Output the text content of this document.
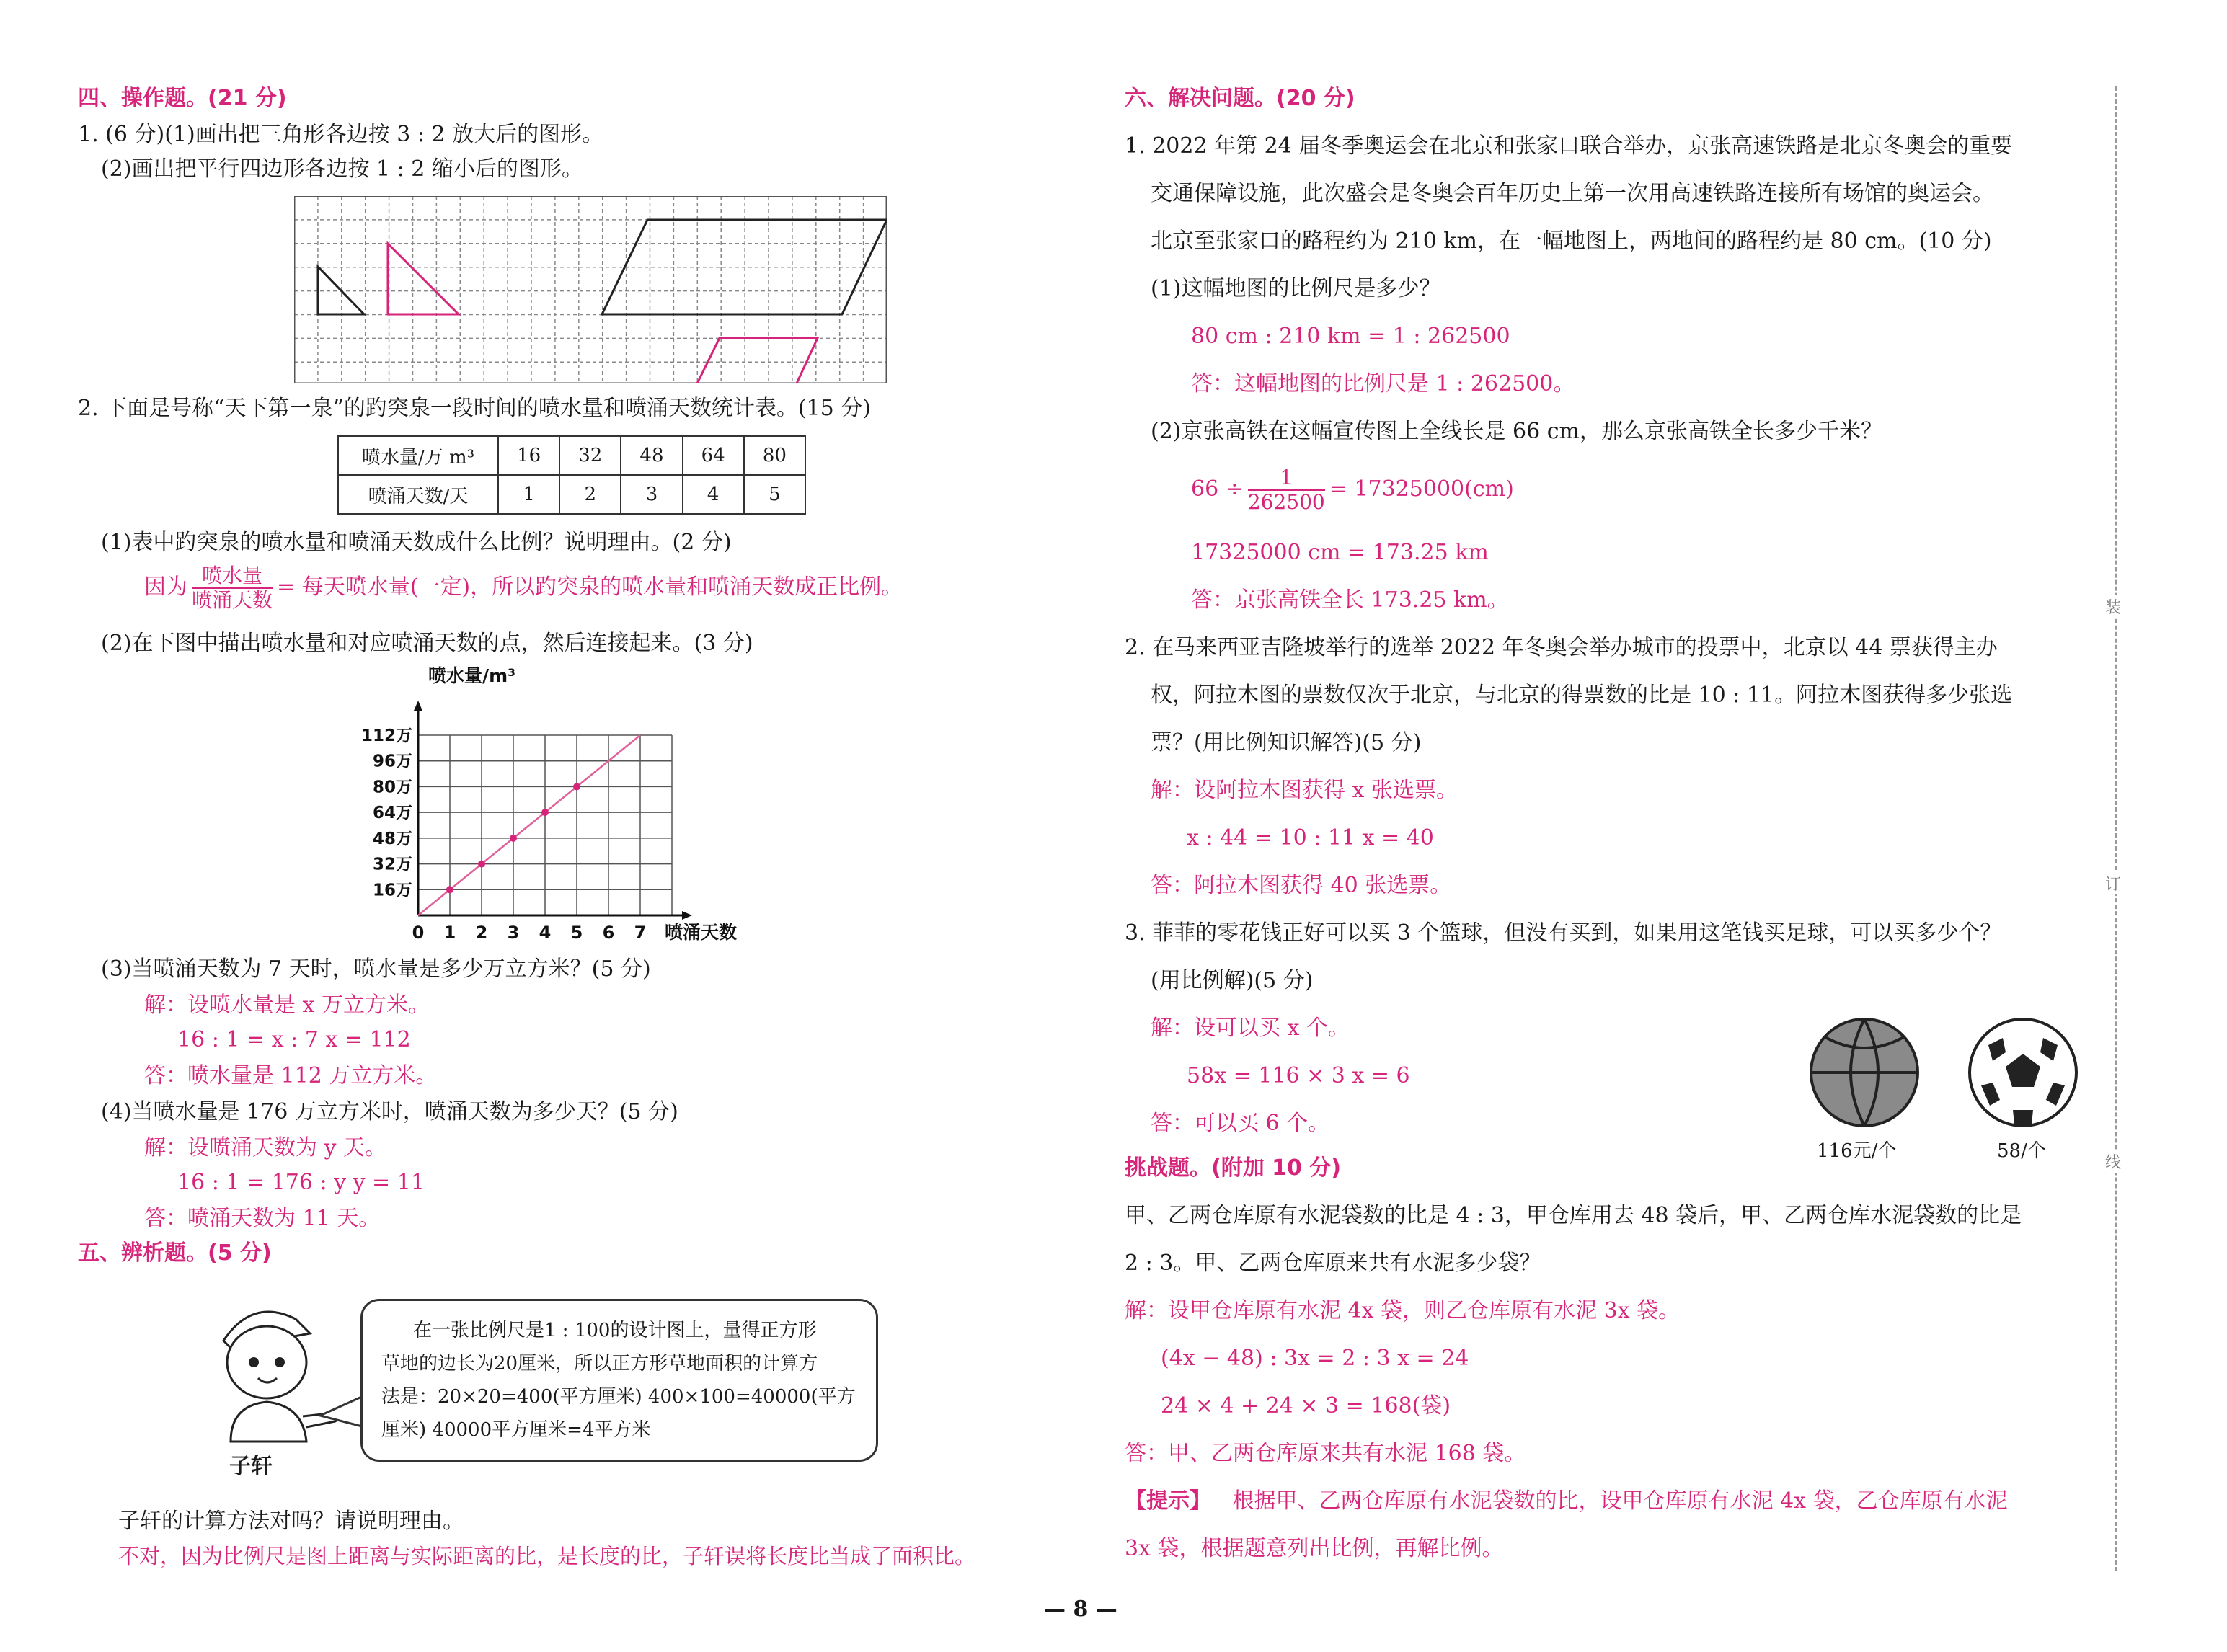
四、操作题。(21 分)
1. (6 分)(1)画出把三角形各边按 3 : 2 放大后的图形。
(2)画出把平行四边形各边按 1 : 2 缩小后的图形。
2. 下面是号称“天下第一泉”的趵突泉一段时间的喷水量和喷涌天数统计表。(15 分)
喷水量/万 m³	16	32	48	64	80
喷涌天数/天	1	2	3	4	5
(1)表中趵突泉的喷水量和喷涌天数成什么比例？说明理由。(2 分)
因为 $\frac{\text{喷水量}}{\text{喷涌天数}}$ = 每天喷水量(一定)，所以趵突泉的喷水量和喷涌天数成正比例。
(2)在下图中描出喷水量和对应喷涌天数的点，然后连接起来。(3 分)
0 1 2 3 4 5 6 7
16万
32万
48万
64万
80万
96万
112万
喷水量/m³
喷涌天数
(3)当喷涌天数为 7 天时，喷水量是多少万立方米？(5 分)
解：设喷水量是 x 万立方米。
16 : 1 = x : 7 x = 112
答：喷水量是 112 万立方米。
(4)当喷水量是 176 万立方米时，喷涌天数为多少天？(5 分)
解：设喷涌天数为 y 天。
16 : 1 = 176 : y y = 11
答：喷涌天数为 11 天。
五、辨析题。(5 分)
子轩
在一张比例尺是1 : 100的设计图上，量得正方形
草地的边长为20厘米，所以正方形草地面积的计算方
法是：20×20=400(平方厘米) 400×100=40000(平方
厘米) 40000平方厘米=4平方米
子轩的计算方法对吗？请说明理由。
不对，因为比例尺是图上距离与实际距离的比，是长度的比，子轩误将长度比当成了面积比。
六、解决问题。(20 分)
1. 2022 年第 24 届冬季奥运会在北京和张家口联合举办，京张高速铁路是北京冬奥会的重要
交通保障设施，此次盛会是冬奥会百年历史上第一次用高速铁路连接所有场馆的奥运会。
北京至张家口的路程约为 210 km，在一幅地图上，两地间的路程约是 80 cm。(10 分)
(1)这幅地图的比例尺是多少？
80 cm : 210 km = 1 : 262500
答：这幅地图的比例尺是 1 : 262500。
(2)京张高铁在这幅宣传图上全线长是 66 cm，那么京张高铁全长多少千米？
$66 \div \frac{1}{262500} = 17325000(cm)$
17325000 cm = 173.25 km
答：京张高铁全长 173.25 km。
2. 在马来西亚吉隆坡举行的选举 2022 年冬奥会举办城市的投票中，北京以 44 票获得主办
权，阿拉木图的票数仅次于北京，与北京的得票数的比是 10 : 11。阿拉木图获得多少张选
票？(用比例知识解答)(5 分)
解：设阿拉木图获得 x 张选票。
x : 44 = 10 : 11 x = 40
答：阿拉木图获得 40 张选票。
3. 菲菲的零花钱正好可以买 3 个篮球，但没有买到，如果用这笔钱买足球，可以买多少个？
(用比例解)(5 分)
解：设可以买 x 个。
58x = 116 × 3 x = 6
答：可以买 6 个。
116元/个	58/个
挑战题。(附加 10 分)
甲、乙两仓库原有水泥袋数的比是 4 : 3，甲仓库用去 48 袋后，甲、乙两仓库水泥袋数的比是
2 : 3。甲、乙两仓库原来共有水泥多少袋？
解：设甲仓库原有水泥 4x 袋，则乙仓库原有水泥 3x 袋。
(4x − 48) : 3x = 2 : 3 x = 24
24 × 4 + 24 × 3 = 168(袋)
答：甲、乙两仓库原来共有水泥 168 袋。
【提示】 根据甲、乙两仓库原有水泥袋数的比，设甲仓库原有水泥 4x 袋，乙仓库原有水泥
3x 袋，根据题意列出比例，再解比例。
装
订
线
— 8 —
